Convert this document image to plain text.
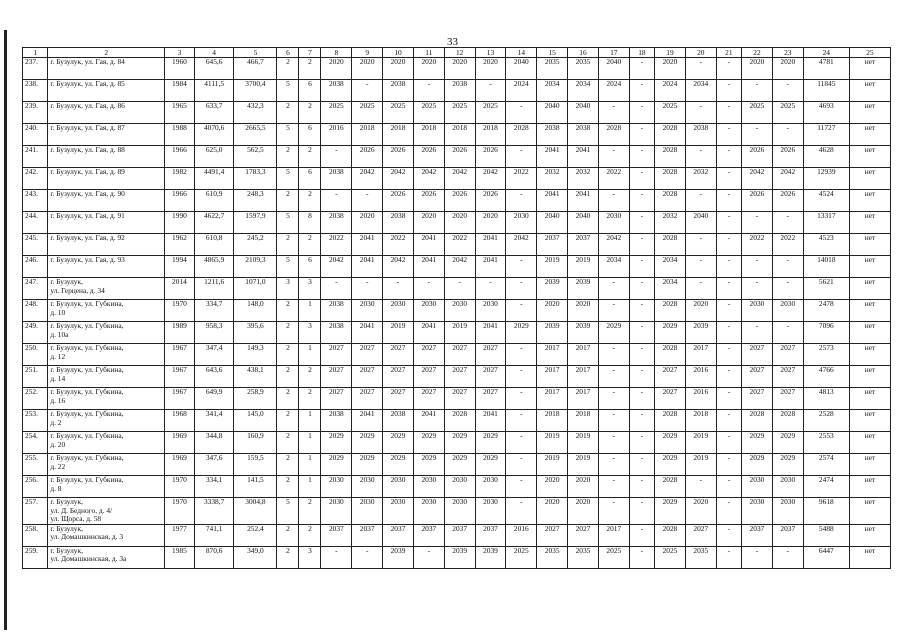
33
1	2	3	4	5	6	7	8	9	10	11	12	13	14	15	16	17	18	19	20	21	22	23	24	25
237.	г. Бузулук, ул. Гая, д. 84	1960	645,6	466,7	2	2	2020	2020	2020	2020	2020	2020	2040	2035	2035	2040	-	2020	-	-	2020	2020	4781	нет
238.	г. Бузулук, ул. Гая, д. 85	1984	4111,5	3700,4	5	6	2038	-	2038	-	2038	-	2024	2034	2034	2024	-	2024	2034	-	-	-	11845	нет
239.	г. Бузулук, ул. Гая, д. 86	1965	633,7	432,3	2	2	2025	2025	2025	2025	2025	2025	-	2040	2040	-	-	2025	-	-	2025	2025	4693	нет
240.	г. Бузулук, ул. Гая, д. 87	1988	4070,6	2665,5	5	6	2016	2018	2018	2018	2018	2018	2028	2038	2038	2028	-	2028	2038	-	-	-	11727	нет
241.	г. Бузулук, ул. Гая, д. 88	1966	625,0	562,5	2	2	-	2026	2026	2026	2026	2026	-	2041	2041	-	-	2028	-	-	2026	2026	4628	нет
242.	г. Бузулук, ул. Гая, д. 89	1982	4491,4	1783,3	5	6	2038	2042	2042	2042	2042	2042	2022	2032	2032	2022	-	2028	2032	-	2042	2042	12939	нет
243.	г. Бузулук, ул. Гая, д. 90	1966	610,9	248,3	2	2	-	-	2026	2026	2026	2026	-	2041	2041	-	-	2028	-	-	2026	2026	4524	нет
244.	г. Бузулук, ул. Гая, д. 91	1990	4622,7	1597,9	5	8	2038	2020	2038	2020	2020	2020	2030	2040	2040	2030	-	2032	2040	-	-	-	13317	нет
245.	г. Бузулук, ул. Гая, д. 92	1962	610,8	245,2	2	2	2022	2041	2022	2041	2022	2041	2042	2037	2037	2042	-	2028	-	-	2022	2022	4523	нет
246.	г. Бузулук, ул. Гая, д. 93	1994	4865,9	2109,3	5	6	2042	2041	2042	2041	2042	2041	-	2019	2019	2034	-	2034	-	-	-	-	14018	нет
247.	г. Бузулук,
ул. Герцена, д. 34	2014	1211,6	1071,0	3	3	-	-	-	-	-	-	-	2039	2039	-	-	2034	-	-	-	-	5621	нет
248.	г. Бузулук, ул. Губкина,
д. 10	1970	334,7	148,0	2	1	2038	2030	2030	2030	2030	2030	-	2020	2020	-	-	2028	2020	-	2030	2030	2478	нет
249.	г. Бузулук, ул. Губкина,
д. 10а	1989	958,3	395,6	2	3	2038	2041	2019	2041	2019	2041	2029	2039	2039	2029	-	2029	2039	-	-	-	7096	нет
250.	г. Бузулук, ул. Губкина,
д. 12	1967	347,4	149,3	2	1	2027	2027	2027	2027	2027	2027	-	2017	2017	-	-	2028	2017	-	2027	2027	2573	нет
251.	г. Бузулук, ул. Губкина,
д. 14	1967	643,6	438,1	2	2	2027	2027	2027	2027	2027	2027	-	2017	2017	-	-	2027	2016	-	2027	2027	4766	нет
252.	г. Бузулук, ул. Губкина,
д. 16	1967	649,9	258,9	2	2	2027	2027	2027	2027	2027	2027	-	2017	2017	-	-	2027	2016	-	2027	2027	4813	нет
253.	г. Бузулук, ул. Губкина,
д. 2	1968	341,4	145,0	2	1	2038	2041	2038	2041	2028	2041	-	2018	2018	-	-	2028	2018	-	2028	2028	2528	нет
254.	г. Бузулук, ул. Губкина,
д. 20	1969	344,8	160,9	2	1	2029	2029	2029	2029	2029	2029	-	2019	2019	-	-	2029	2019	-	2029	2029	2553	нет
255.	г. Бузулук, ул. Губкина,
д. 22	1969	347,6	159,5	2	1	2029	2029	2029	2029	2029	2029	-	2019	2019	-	-	2029	2019	-	2029	2029	2574	нет
256.	г. Бузулук, ул. Губкина,
д. 8	1970	334,1	141,5	2	1	2030	2030	2030	2030	2030	2030	-	2020	2020	-	-	2028	-	-	2030	2030	2474	нет
257.	г. Бузулук,
ул. Д. Бедного, д. 4/
ул. Щорса, д. 58	1970	3338,7	3004,8	5	2	2030	2030	2030	2030	2030	2030	-	2020	2020	-	-	2029	2020	-	2030	2030	9618	нет
258.	г. Бузулук,
ул. Домашкинская, д. 3	1977	741,1	252,4	2	2	2037	2037	2037	2037	2037	2037	2016	2027	2027	2017	-	2028	2027	-	2037	2037	5488	нет
259.	г. Бузулук,
ул. Домашкинская, д. 3а	1985	870,6	349,0	2	3	-	-	2039	-	2039	2039	2025	2035	2035	2025	-	2025	2035	-	-	-	6447	нет
